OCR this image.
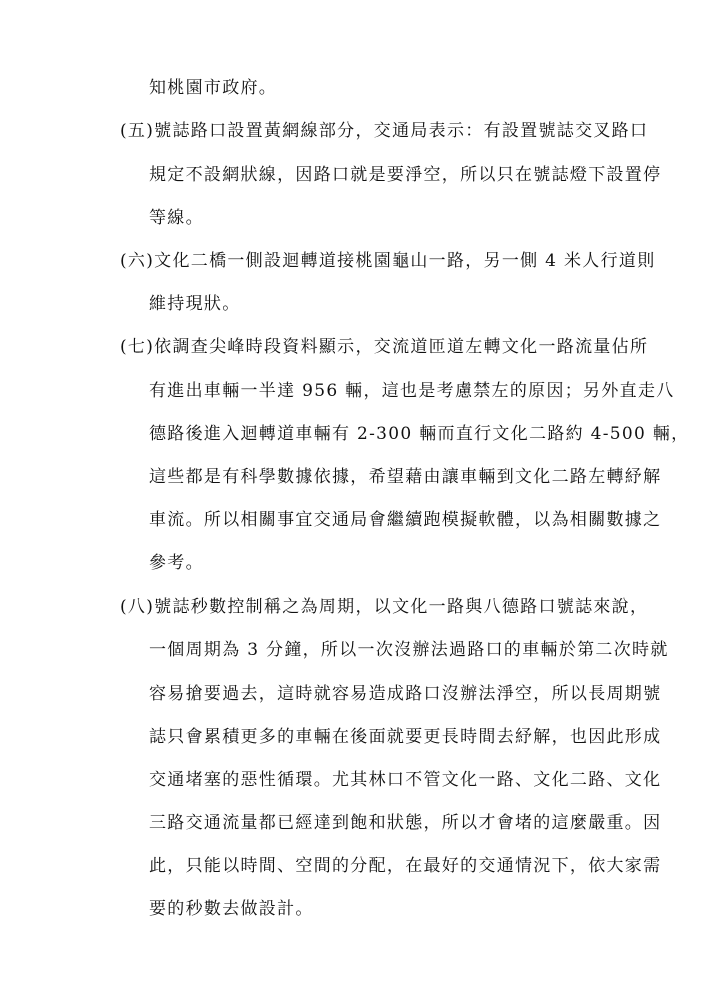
知桃園市政府。
(五)號誌路口設置黃網線部分，交通局表示：有設置號誌交叉路口
規定不設網狀線，因路口就是要淨空，所以只在號誌燈下設置停
等線。
(六)文化二橋一側設迴轉道接桃園龜山一路，另一側 4 米人行道則
維持現狀。
(七)依調查尖峰時段資料顯示，交流道匝道左轉文化一路流量佔所
有進出車輛一半達 956 輛，這也是考慮禁左的原因；另外直走八
德路後進入迴轉道車輛有 2-300 輛而直行文化二路約 4-500 輛，
這些都是有科學數據依據，希望藉由讓車輛到文化二路左轉紓解
車流。所以相關事宜交通局會繼續跑模擬軟體，以為相關數據之
參考。
(八)號誌秒數控制稱之為周期，以文化一路與八德路口號誌來說，
一個周期為 3 分鐘，所以一次沒辦法過路口的車輛於第二次時就
容易搶要過去，這時就容易造成路口沒辦法淨空，所以長周期號
誌只會累積更多的車輛在後面就要更長時間去紓解，也因此形成
交通堵塞的惡性循環。尤其林口不管文化一路、文化二路、文化
三路交通流量都已經達到飽和狀態，所以才會堵的這麼嚴重。因
此，只能以時間、空間的分配，在最好的交通情況下，依大家需
要的秒數去做設計。
